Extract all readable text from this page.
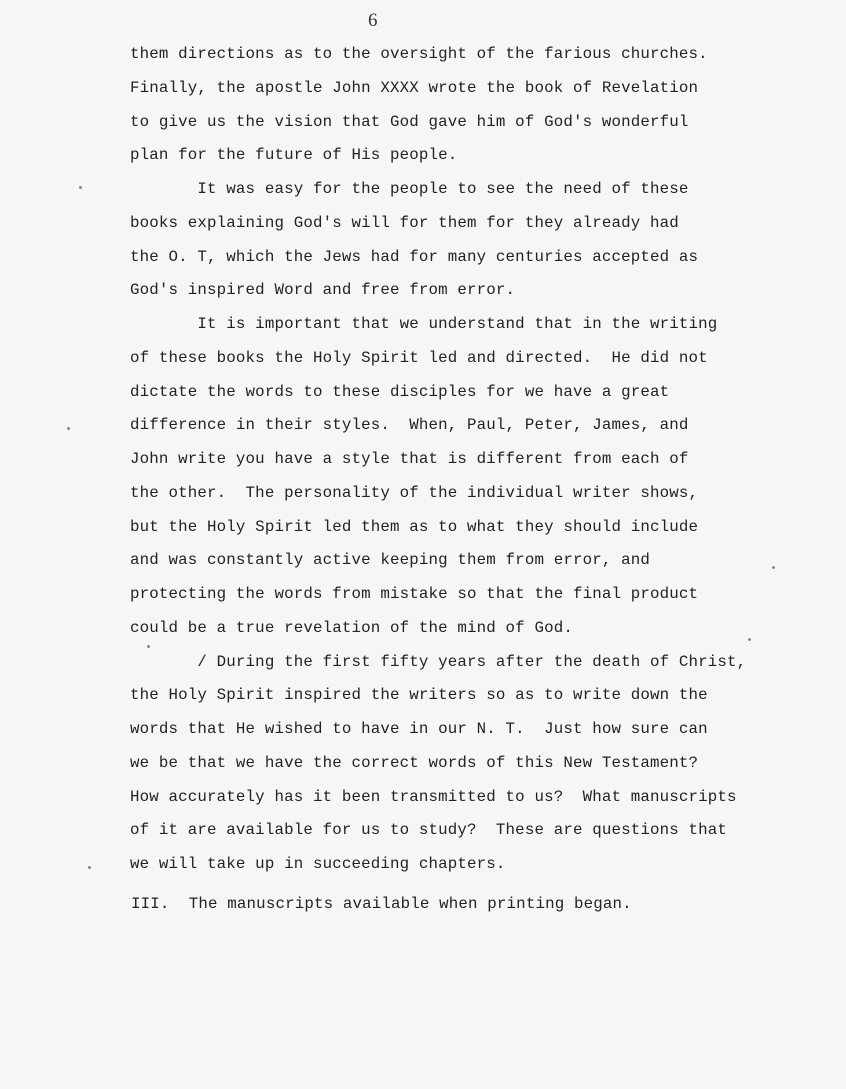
6
them directions as to the oversight of the farious churches.
Finally, the apostle John XXXX wrote the book of Revelation
to give us the vision that God gave him of God's wonderful
plan for the future of His people.
It was easy for the people to see the need of these
books explaining God's will for them for they already had
the O. T, which the Jews had for many centuries accepted as
God's inspired Word and free from error.
It is important that we understand that in the writing
of these books the Holy Spirit led and directed.  He did not
dictate the words to these disciples for we have a great
difference in their styles.  When, Paul, Peter, James, and
John write you have a style that is different from each of
the other.  The personality of the individual writer shows,
but the Holy Spirit led them as to what they should include
and was constantly active keeping them from error, and
protecting the words from mistake so that the final product
could be a true revelation of the mind of God.
/ During the first fifty years after the death of Christ,
the Holy Spirit inspired the writers so as to write down the
words that He wished to have in our N. T.  Just how sure can
we be that we have the correct words of this New Testament?
How accurately has it been transmitted to us?  What manuscripts
of it are available for us to study?  These are questions that
we will take up in succeeding chapters.
III.  The manuscripts available when printing began.
